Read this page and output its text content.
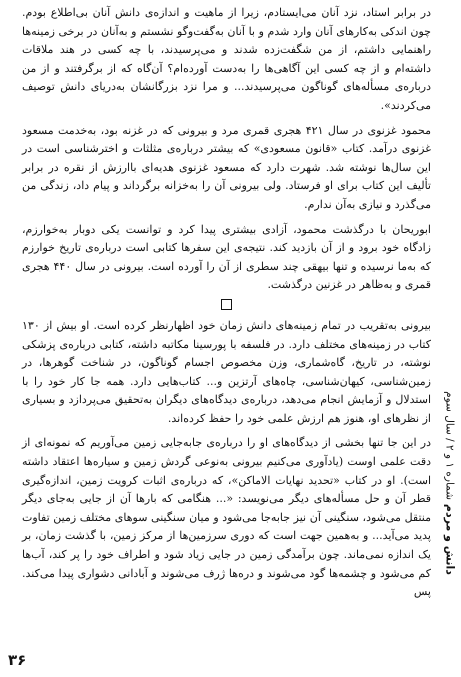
در برابر استاد، نزد آنان می‌ایستادم، زیرا از ماهیت و اندازه‌ی دانش آنان بی‌اطلاع بودم. چون اندکی به‌کارهای آنان وارد شدم و با آنان به‌گفت‌وگو نشستم و به‌آنان در برخی زمینه‌ها راهنمایی داشتم، از من شگفت‌زده شدند و می‌پرسیدند، با چه کسی در هند ملاقات داشته‌ام و از چه کسی این آگاهی‌ها را به‌دست آورده‌ام؟ آن‌گاه که از برگرفتند و از من درباره‌ی مسأله‌های گوناگون می‌پرسیدند... و مرا نزد بزرگانشان به‌دریای دانش توصیف می‌کردند».

محمود غزنوی در سال ۴۲۱ هجری قمری مرد و بیرونی که در غزنه بود، به‌خدمت مسعود غزنوی درآمد. کتاب «قانون مسعودی» که بیشتر درباره‌ی مثلثات و اخترشناسی است در این سال‌ها نوشته شد. شهرت دارد که مسعود غزنوی هدیه‌ای باارزش از نقره در برابر تألیف این کتاب برای او فرستاد. ولی بیرونی آن را به‌خزانه برگرداند و پیام داد، زندگی من می‌گذرد و نیازی به‌آن ندارم.

ابوریحان با درگذشت محمود، آزادی بیشتری پیدا کرد و توانست یکی دوبار به‌خوارزم، زادگاه خود برود و از آن بازدید کند. نتیجه‌ی این سفرها کتابی است درباره‌ی تاریخ خوارزم که به‌ما نرسیده و تنها بیهقی چند سطری از آن را آورده است. بیرونی در سال ۴۴۰ هجری قمری و به‌ظاهر در غزنین درگذشت.

بیرونی به‌تقریب در تمام زمینه‌های دانش زمان خود اظهارنظر کرده است. او بیش از ۱۳۰ کتاب در زمینه‌های مختلف دارد. در فلسفه با پورسینا مکاتبه داشته، کتابی درباره‌ی پزشکی نوشته، در تاریخ، گاه‌شماری، وزن مخصوص اجسام گوناگون، در شناخت گوهرها، در زمین‌شناسی، کیهان‌شناسی، چاه‌های آرتزین و... کتاب‌هایی دارد. همه جا کار خود را با استدلال و آزمایش انجام می‌دهد، درباره‌ی دیدگاه‌های دیگران به‌تحقیق می‌پردازد و بسیاری از نظرهای او، هنوز هم ارزش علمی خود را حفظ کرده‌اند.

در این جا تنها بخشی از دیدگاه‌های او را درباره‌ی جابه‌جایی زمین می‌آوریم که نمونه‌ای از دقت علمی اوست (یادآوری می‌کنیم بیرونی به‌نوعی گردش زمین و سیاره‌ها اعتقاد داشته است). او در کتاب «تحدید نهایات الاماکن»، که درباره‌ی اثبات کرویت زمین، اندازه‌گیری قطر آن و حل مسأله‌های دیگر می‌نویسد: «... هنگامی که بارها آن از جایی به‌جای دیگر منتقل می‌شود، سنگینی آن نیز جابه‌جا می‌شود و میان سنگینی سوهای مختلف زمین تفاوت پدید می‌آید... و به‌همین جهت است که دوری سرزمین‌ها از مرکز زمین، با گذشت زمان، بر یک اندازه نمی‌ماند. چون برآمدگی زمین در جایی زیاد شود و اطراف خود را پر کند، آب‌ها کم می‌شود و چشمه‌ها گود می‌شوند و دره‌ها ژرف می‌شوند و آبادانی دشواری پیدا می‌کند. پس

دانش و مردم شماره ۱ و ۲ / سال سوم
۳۶
